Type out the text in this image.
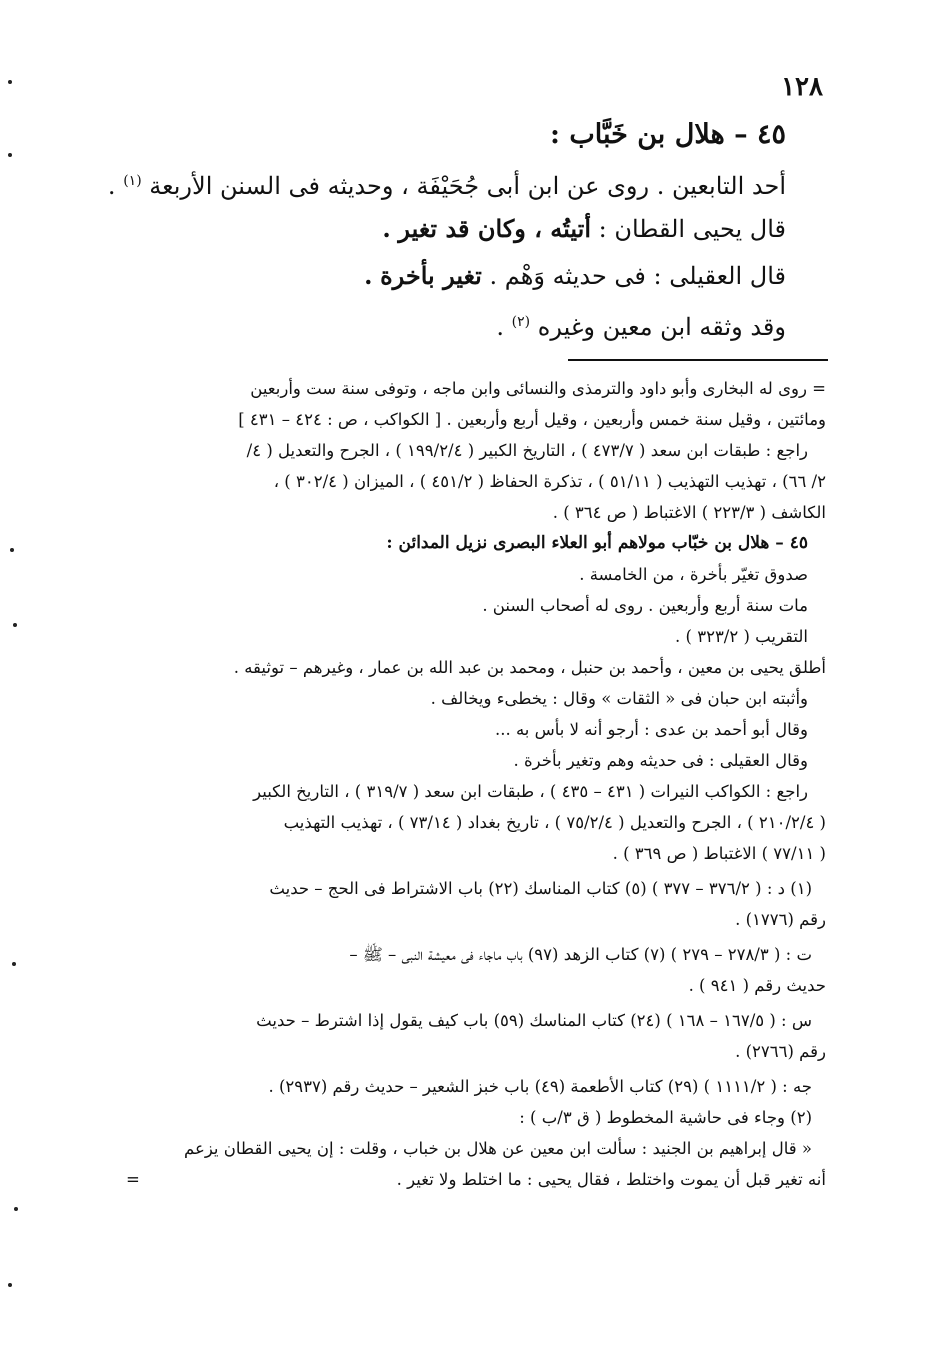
١٢٨
٤٥ – هلال بن خَبَّاب :
أحد التابعين . روى عن ابن أبى جُحَيْفَة ، وحديثه فى السنن الأربعة $^{(١)}$ .
قال يحيى القطان : أتيتُه ، وكان قد تغير .
قال العقيلى : فى حديثه وَهْم . تغير بأخرة .
وقد وثقه ابن معين وغيره $^{(٢)}$ .
= روى له البخارى وأبو داود والترمذى والنسائى وابن ماجه ، وتوفى سنة ست وأربعين
ومائتين ، وقيل سنة خمس وأربعين ، وقيل أربع وأربعين . [ الكواكب ، ص : ٤٢٤ – ٤٣١ ]
راجع : طبقات ابن سعد ( ٤٧٣/٧ ) ، التاريخ الكبير ( ١٩٩/٢/٤ ) ، الجرح والتعديل ( ٤/
٢/ ٦٦) ، تهذيب التهذيب ( ٥١/١١ ) ، تذكرة الحفاظ ( ٤٥١/٢ ) ، الميزان ( ٣٠٢/٤ ) ،
الكاشف ( ٢٢٣/٣ ) الاغتباط ( ص ٣٦٤ ) .
٤٥ – هلال بن خبّاب مولاهم أبو العلاء البصرى نزيل المدائن :
صدوق تغيّر بأخرة ، من الخامسة .
مات سنة أربع وأربعين . روى له أصحاب السنن .
التقريب ( ٣٢٣/٢ ) .
أطلق يحيى بن معين ، وأحمد بن حنبل ، ومحمد بن عبد الله بن عمار ، وغيرهم – توثيقه .
وأثبته ابن حبان فى « الثقات » وقال : يخطىء ويخالف .
وقال أبو أحمد بن عدى : أرجو أنه لا بأس به ...
وقال العقيلى : فى حديثه وهم وتغير بأخرة .
راجع : الكواكب النيرات ( ٤٣١ – ٤٣٥ ) ، طبقات ابن سعد ( ٣١٩/٧ ) ، التاريخ الكبير
( ٢١٠/٢/٤ ) ، الجرح والتعديل ( ٧٥/٢/٤ ) ، تاريخ بغداد ( ٧٣/١٤ ) ، تهذيب التهذيب
( ٧٧/١١ ) الاغتباط ( ص ٣٦٩ ) .
(١) د : ( ٣٧٦/٢ – ٣٧٧ ) (٥) كتاب المناسك (٢٢) باب الاشتراط فى الحج – حديث
رقم (١٧٧٦) .
ت : ( ٢٧٨/٣ – ٢٧٩ ) (٧) كتاب الزهد (٩٧) باب ماجاء فى معيشة النبى – ﷺ –
حديث رقم ( ٩٤١ ) .
س : ( ١٦٧/٥ – ١٦٨ ) (٢٤) كتاب المناسك (٥٩) باب كيف يقول إذا اشترط – حديث
رقم (٢٧٦٦) .
جه : ( ١١١١/٢ ) (٢٩) كتاب الأطعمة (٤٩) باب خبز الشعير – حديث رقم (٢٩٣٧) .
(٢) وجاء فى حاشية المخطوط ( ق ٣/ب ) :
« قال إبراهيم بن الجنيد : سألت ابن معين عن هلال بن خباب ، وقلت : إن يحيى القطان يزعم
أنه تغير قبل أن يموت واختلط ، فقال يحيى : ما اختلط ولا تغير .
=
